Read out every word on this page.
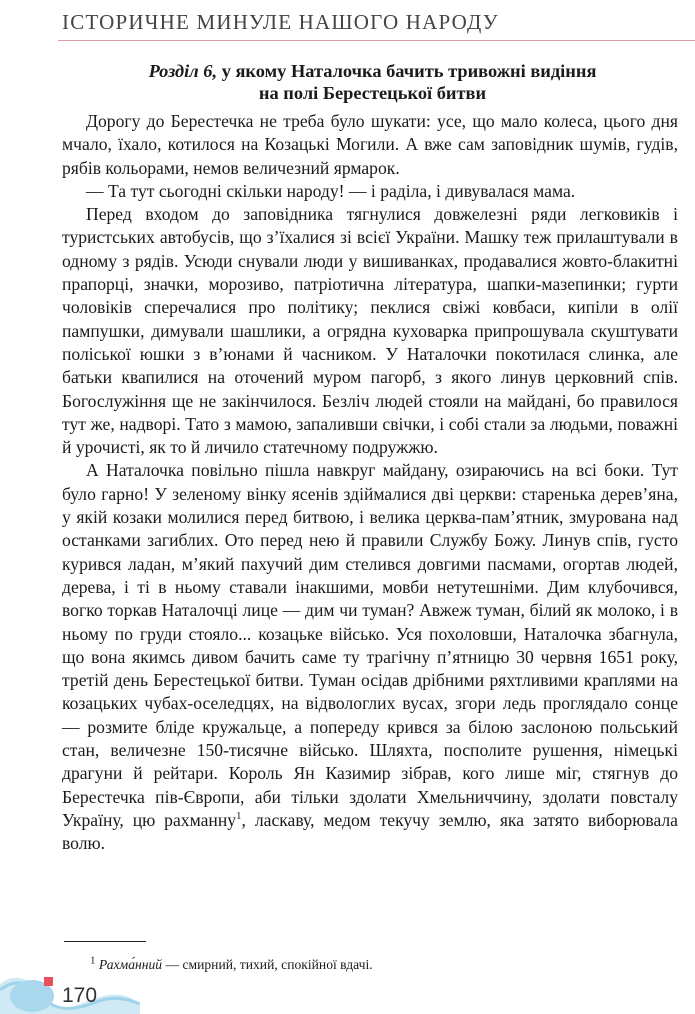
ІСТОРИЧНЕ МИНУЛЕ НАШОГО НАРОДУ
Розділ 6, у якому Наталочка бачить тривожні видіння
на полі Берестецької битви

Дорогу до Берестечка не треба було шукати: усе, що мало колеса, цього дня мчало, їхало, котилося на Козацькі Могили. А вже сам заповідник шумів, гудів, рябів кольорами, немов величезний ярмарок.

— Та тут сьогодні скільки народу! — і раділа, і дивувалася мама.

Перед входом до заповідника тягнулися довжелезні ряди легковиків і туристських автобусів, що з’їхалися зі всієї України. Машку теж прилаштували в одному з рядів. Усюди снували люди у вишиванках, продавалися жовто-блакитні прапорці, значки, морозиво, патріотична література, шапки-мазепинки; гурти чоловіків сперечалися про політику; пеклися свіжі ковбаси, кипіли в олії пампушки, димували шашлики, а огрядна куховарка припрошувала скуштувати поліської юшки з в’юнами й часником. У Наталочки покотилася слинка, але батьки квапилися на оточений муром пагорб, з якого линув церковний спів. Богослужіння ще не закінчилося. Безліч людей стояли на майдані, бо правилося тут же, надворі. Тато з мамою, запаливши свічки, і собі стали за людьми, поважні й урочисті, як то й личило статечному подружжю.

А Наталочка повільно пішла навкруг майдану, озираючись на всі боки. Тут було гарно! У зеленому вінку ясенів здіймалися дві церкви: старенька дерев’яна, у якій козаки молилися перед битвою, і велика церква-пам’ятник, змурована над останками загиблих. Ото перед нею й правили Службу Божу. Линув спів, густо курився ладан, м’який пахучий дим стелився довгими пасмами, огортав людей, дерева, і ті в ньому ставали інакшими, мовби нетутешніми. Дим клубочився, вогко торкав Наталочці лице — дим чи туман? Авжеж туман, білий як молоко, і в ньому по груди стояло... козацьке військо. Уся похоловши, Наталочка збагнула, що вона якимсь дивом бачить саме ту трагічну п’ятницю 30 червня 1651 року, третій день Берестецької битви. Туман осідав дрібними ряхтливими краплями на козацьких чубах-оселедцях, на відвологлих вусах, згори ледь проглядало сонце — розмите бліде кружальце, а попереду крився за білою заслоною польський стан, величезне 150-тисячне військо. Шляхта, посполите рушення, німецькі драгуни й рейтари. Король Ян Казимир зібрав, кого лише міг, стягнув до Берестечка пів-Європи, аби тільки здолати Хмельниччину, здолати повсталу Україну, цю рахманну$^1$, ласкаву, медом текучу землю, яка затято виборювала волю.

$^1$ Рахма́нний — смирний, тихий, спокійної вдачі.
170
